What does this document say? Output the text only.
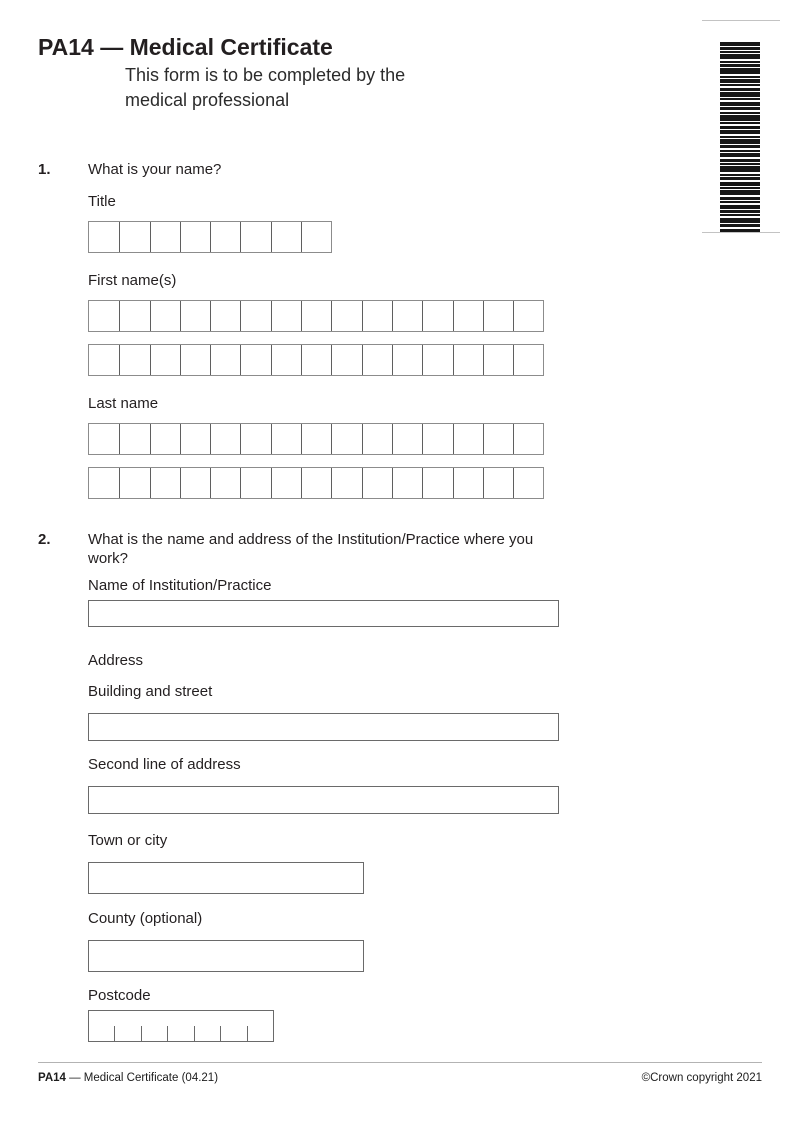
PA14 — Medical Certificate
This form is to be completed by the
medical professional
1.	What is your name?
Title
First name(s)
Last name
2.	What is the name and address of the Institution/Practice where you work?
Name of Institution/Practice
Address
Building and street
Second line of address
Town or city
County (optional)
Postcode
PA14 — Medical Certificate (04.21)	©Crown copyright 2021
